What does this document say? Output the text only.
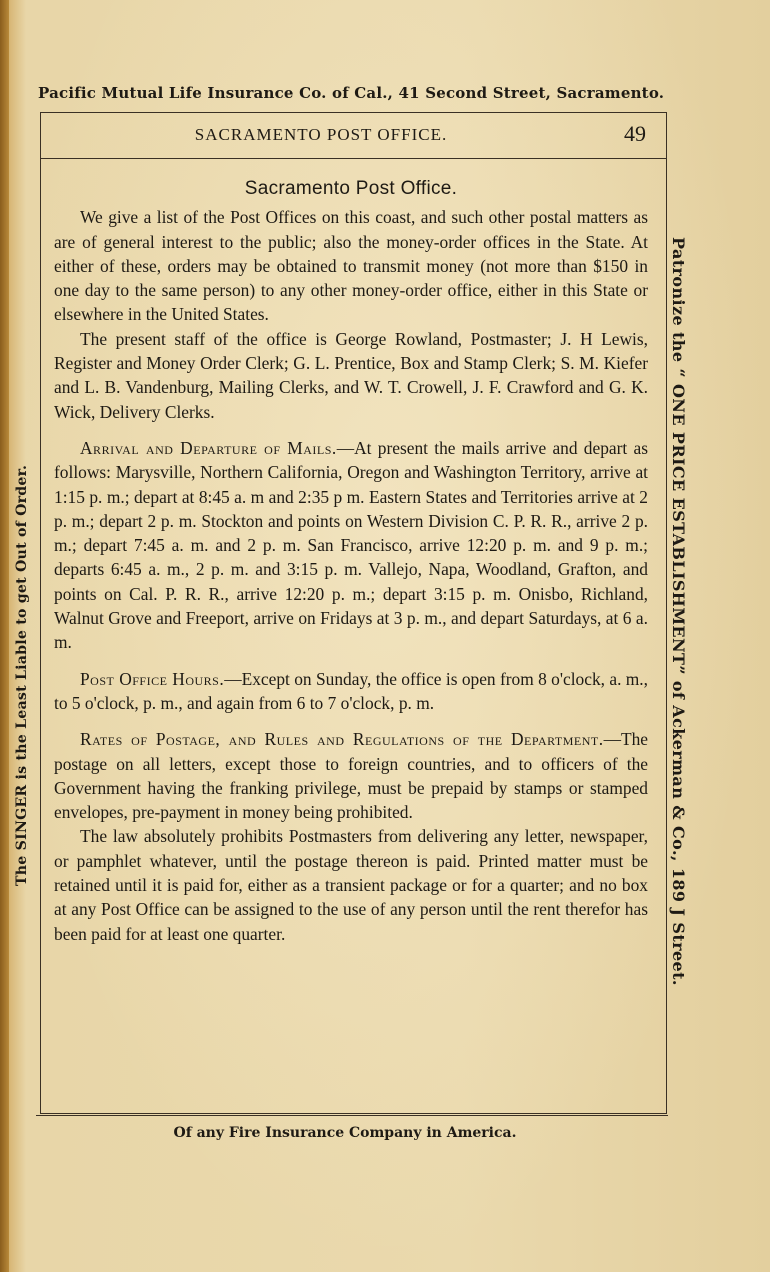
Pacific Mutual Life Insurance Co. of Cal., 41 Second Street, Sacramento.
The SINGER is the Least Liable to get Out of Order.	Patronize the “ ONE PRICE ESTABLISHMENT” of Ackerman & Co., 189 J Street.
SACRAMENTO POST OFFICE.	49
Sacramento Post Office.

We give a list of the Post Offices on this coast, and such other postal matters as are of general interest to the public; also the money-order offices in the State. At either of these, orders may be obtained to transmit money (not more than $150 in one day to the same person) to any other money-order office, either in this State or elsewhere in the United States.

The present staff of the office is George Rowland, Postmaster; J. H Lewis, Register and Money Order Clerk; G. L. Prentice, Box and Stamp Clerk; S. M. Kiefer and L. B. Vandenburg, Mailing Clerks, and W. T. Crowell, J. F. Crawford and G. K. Wick, Delivery Clerks.

Arrival and Departure of Mails.—At present the mails arrive and depart as follows: Marysville, Northern California, Oregon and Washington Territory, arrive at 1:15 p. m.; depart at 8:45 a. m and 2:35 p m. Eastern States and Territories arrive at 2 p. m.; depart 2 p. m. Stockton and points on Western Division C. P. R. R., arrive 2 p. m.; depart 7:45 a. m. and 2 p. m. San Francisco, arrive 12:20 p. m. and 9 p. m.; departs 6:45 a. m., 2 p. m. and 3:15 p. m. Vallejo, Napa, Woodland, Grafton, and points on Cal. P. R. R., arrive 12:20 p. m.; depart 3:15 p. m. Onisbo, Richland, Walnut Grove and Freeport, arrive on Fridays at 3 p. m., and depart Saturdays, at 6 a. m.

Post Office Hours.—Except on Sunday, the office is open from 8 o'clock, a. m., to 5 o'clock, p. m., and again from 6 to 7 o'clock, p. m.

Rates of Postage, and Rules and Regulations of the Department.—The postage on all letters, except those to foreign countries, and to officers of the Government having the franking privilege, must be prepaid by stamps or stamped envelopes, pre-payment in money being prohibited.

The law absolutely prohibits Postmasters from delivering any letter, newspaper, or pamphlet whatever, until the postage thereon is paid. Printed matter must be retained until it is paid for, either as a transient package or for a quarter; and no box at any Post Office can be assigned to the use of any person until the rent therefor has been paid for at least one quarter.

Of any Fire Insurance Company in America.
